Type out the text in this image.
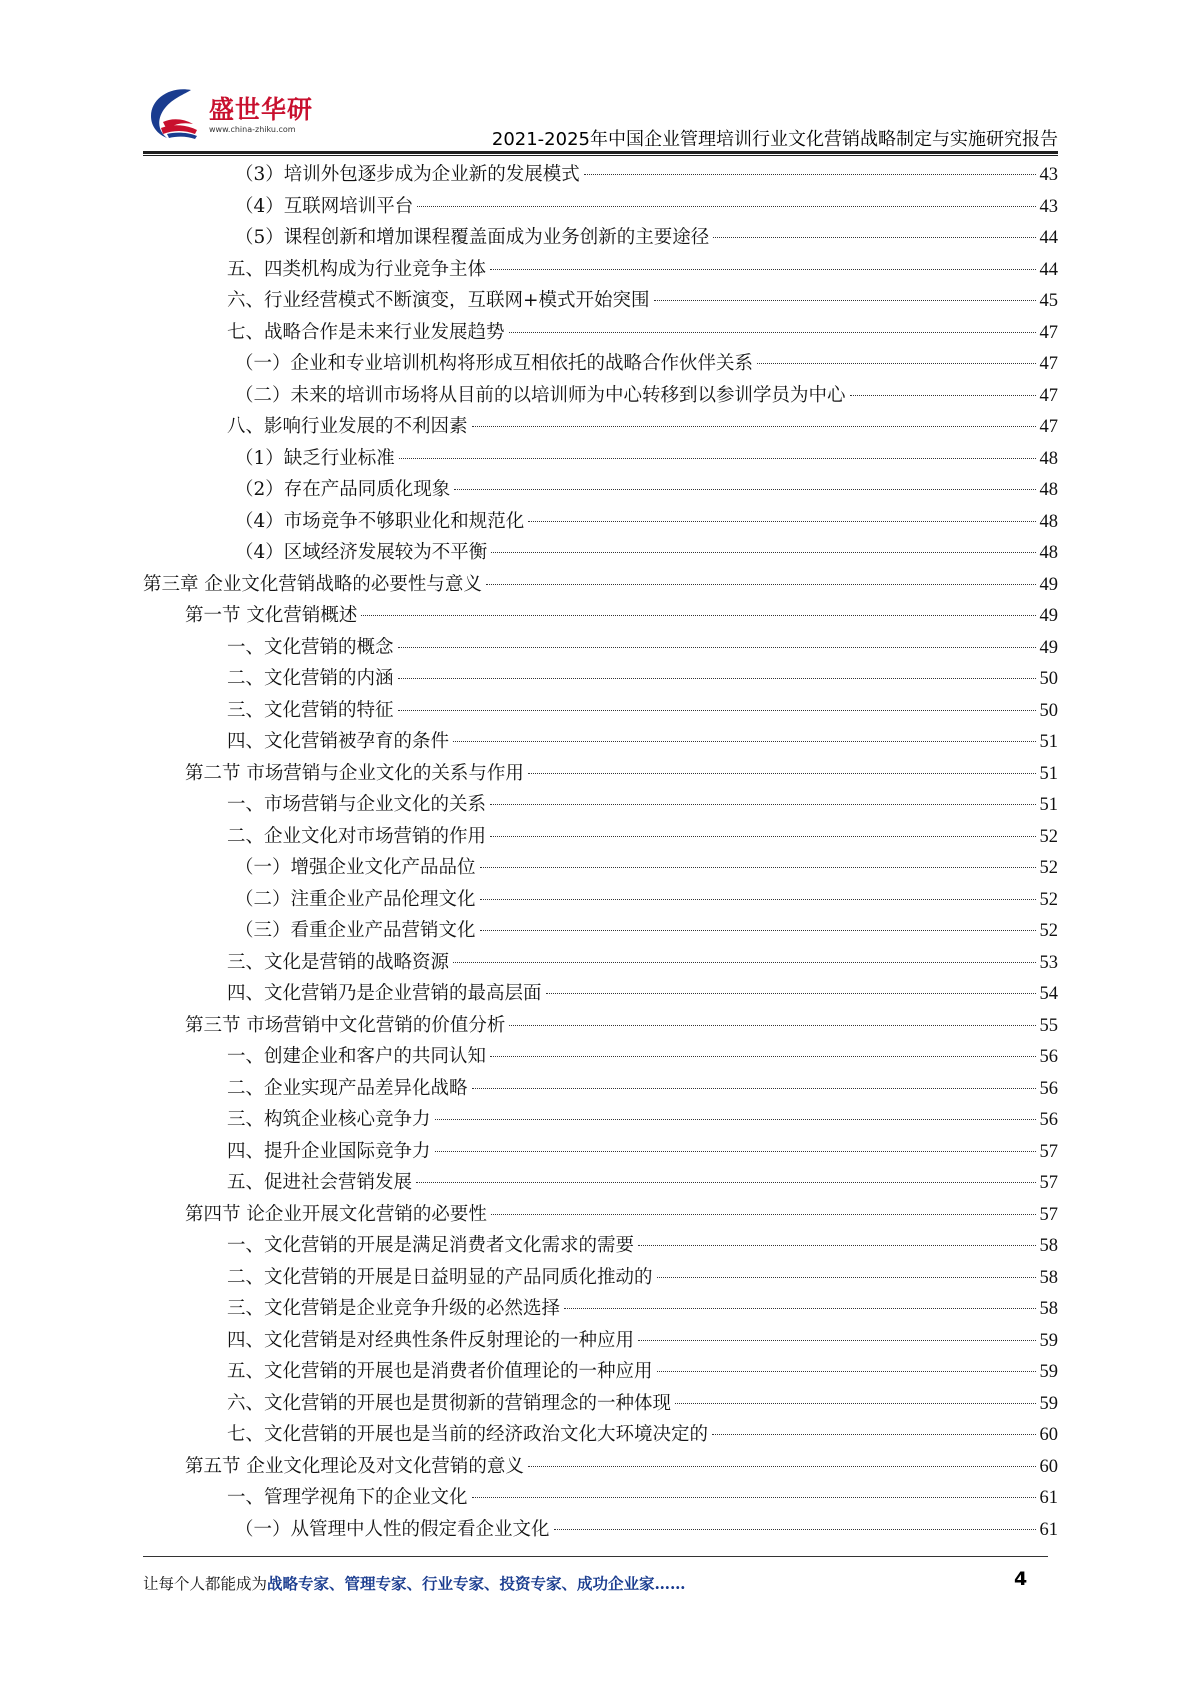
盛世华研
www.china-zhiku.com	2021-2025年中国企业管理培训行业文化营销战略制定与实施研究报告
（3）培训外包逐步成为企业新的发展模式	43
（4）互联网培训平台	43
（5）课程创新和增加课程覆盖面成为业务创新的主要途径	44
五、四类机构成为行业竞争主体	44
六、行业经营模式不断演变，互联网+模式开始突围	45
七、战略合作是未来行业发展趋势	47
（一）企业和专业培训机构将形成互相依托的战略合作伙伴关系	47
（二）未来的培训市场将从目前的以培训师为中心转移到以参训学员为中心	47
八、影响行业发展的不利因素	47
（1）缺乏行业标准	48
（2）存在产品同质化现象	48
（4）市场竞争不够职业化和规范化	48
（4）区域经济发展较为不平衡	48
第三章 企业文化营销战略的必要性与意义	49
第一节 文化营销概述	49
一、文化营销的概念	49
二、文化营销的内涵	50
三、文化营销的特征	50
四、文化营销被孕育的条件	51
第二节 市场营销与企业文化的关系与作用	51
一、市场营销与企业文化的关系	51
二、企业文化对市场营销的作用	52
（一）增强企业文化产品品位	52
（二）注重企业产品伦理文化	52
（三）看重企业产品营销文化	52
三、文化是营销的战略资源	53
四、文化营销乃是企业营销的最高层面	54
第三节 市场营销中文化营销的价值分析	55
一、创建企业和客户的共同认知	56
二、企业实现产品差异化战略	56
三、构筑企业核心竞争力	56
四、提升企业国际竞争力	57
五、促进社会营销发展	57
第四节 论企业开展文化营销的必要性	57
一、文化营销的开展是满足消费者文化需求的需要	58
二、文化营销的开展是日益明显的产品同质化推动的	58
三、文化营销是企业竞争升级的必然选择	58
四、文化营销是对经典性条件反射理论的一种应用	59
五、文化营销的开展也是消费者价值理论的一种应用	59
六、文化营销的开展也是贯彻新的营销理念的一种体现	59
七、文化营销的开展也是当前的经济政治文化大环境决定的	60
第五节 企业文化理论及对文化营销的意义	60
一、管理学视角下的企业文化	61
（一）从管理中人性的假定看企业文化	61
让每个人都能成为战略专家、管理专家、行业专家、投资专家、成功企业家……	4
